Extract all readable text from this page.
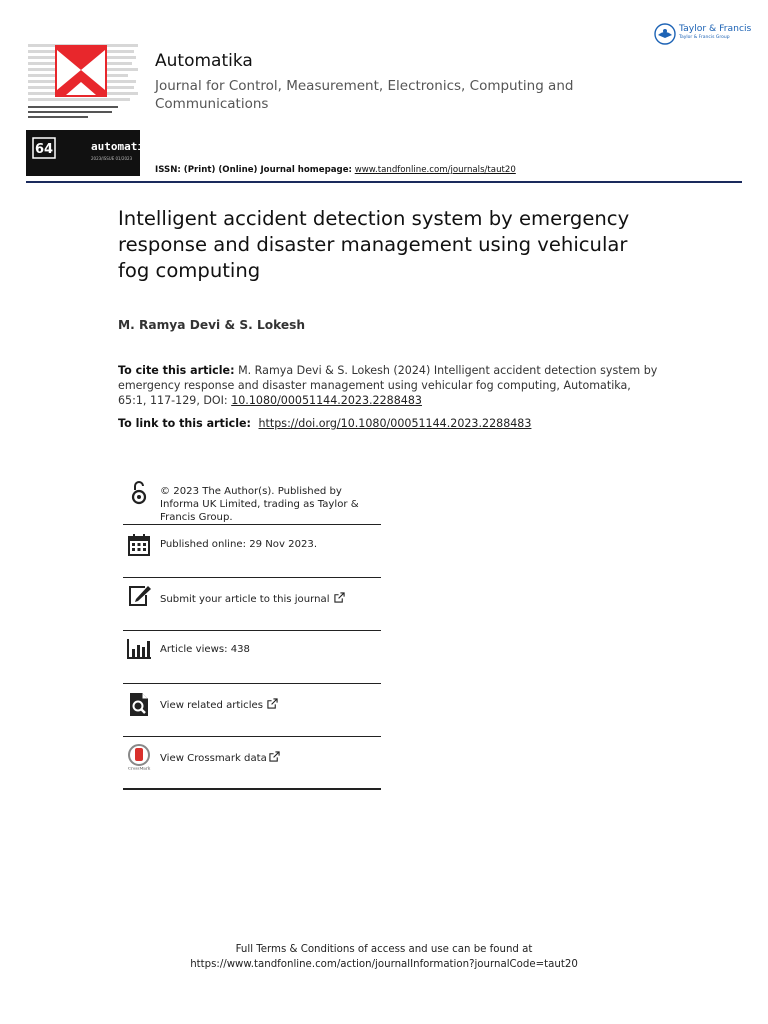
64	automatika
2023/ISSUE 01/2023
Automatika
Journal for Control, Measurement, Electronics, Computing and Communications
ISSN: (Print) (Online) Journal homepage: www.tandfonline.com/journals/taut20
Taylor & Francis
Taylor & Francis Group
Intelligent accident detection system by emergency response and disaster management using vehicular fog computing
M. Ramya Devi & S. Lokesh
To cite this article: M. Ramya Devi & S. Lokesh (2024) Intelligent accident detection system by emergency response and disaster management using vehicular fog computing, Automatika, 65:1, 117-129, DOI: 10.1080/00051144.2023.2288483
To link to this article: https://doi.org/10.1080/00051144.2023.2288483
© 2023 The Author(s). Published by Informa UK Limited, trading as Taylor & Francis Group.
Published online: 29 Nov 2023.
Submit your article to this journal
Article views: 438
View related articles
CrossMark
View Crossmark data
Full Terms & Conditions of access and use can be found at
https://www.tandfonline.com/action/journalInformation?journalCode=taut20
